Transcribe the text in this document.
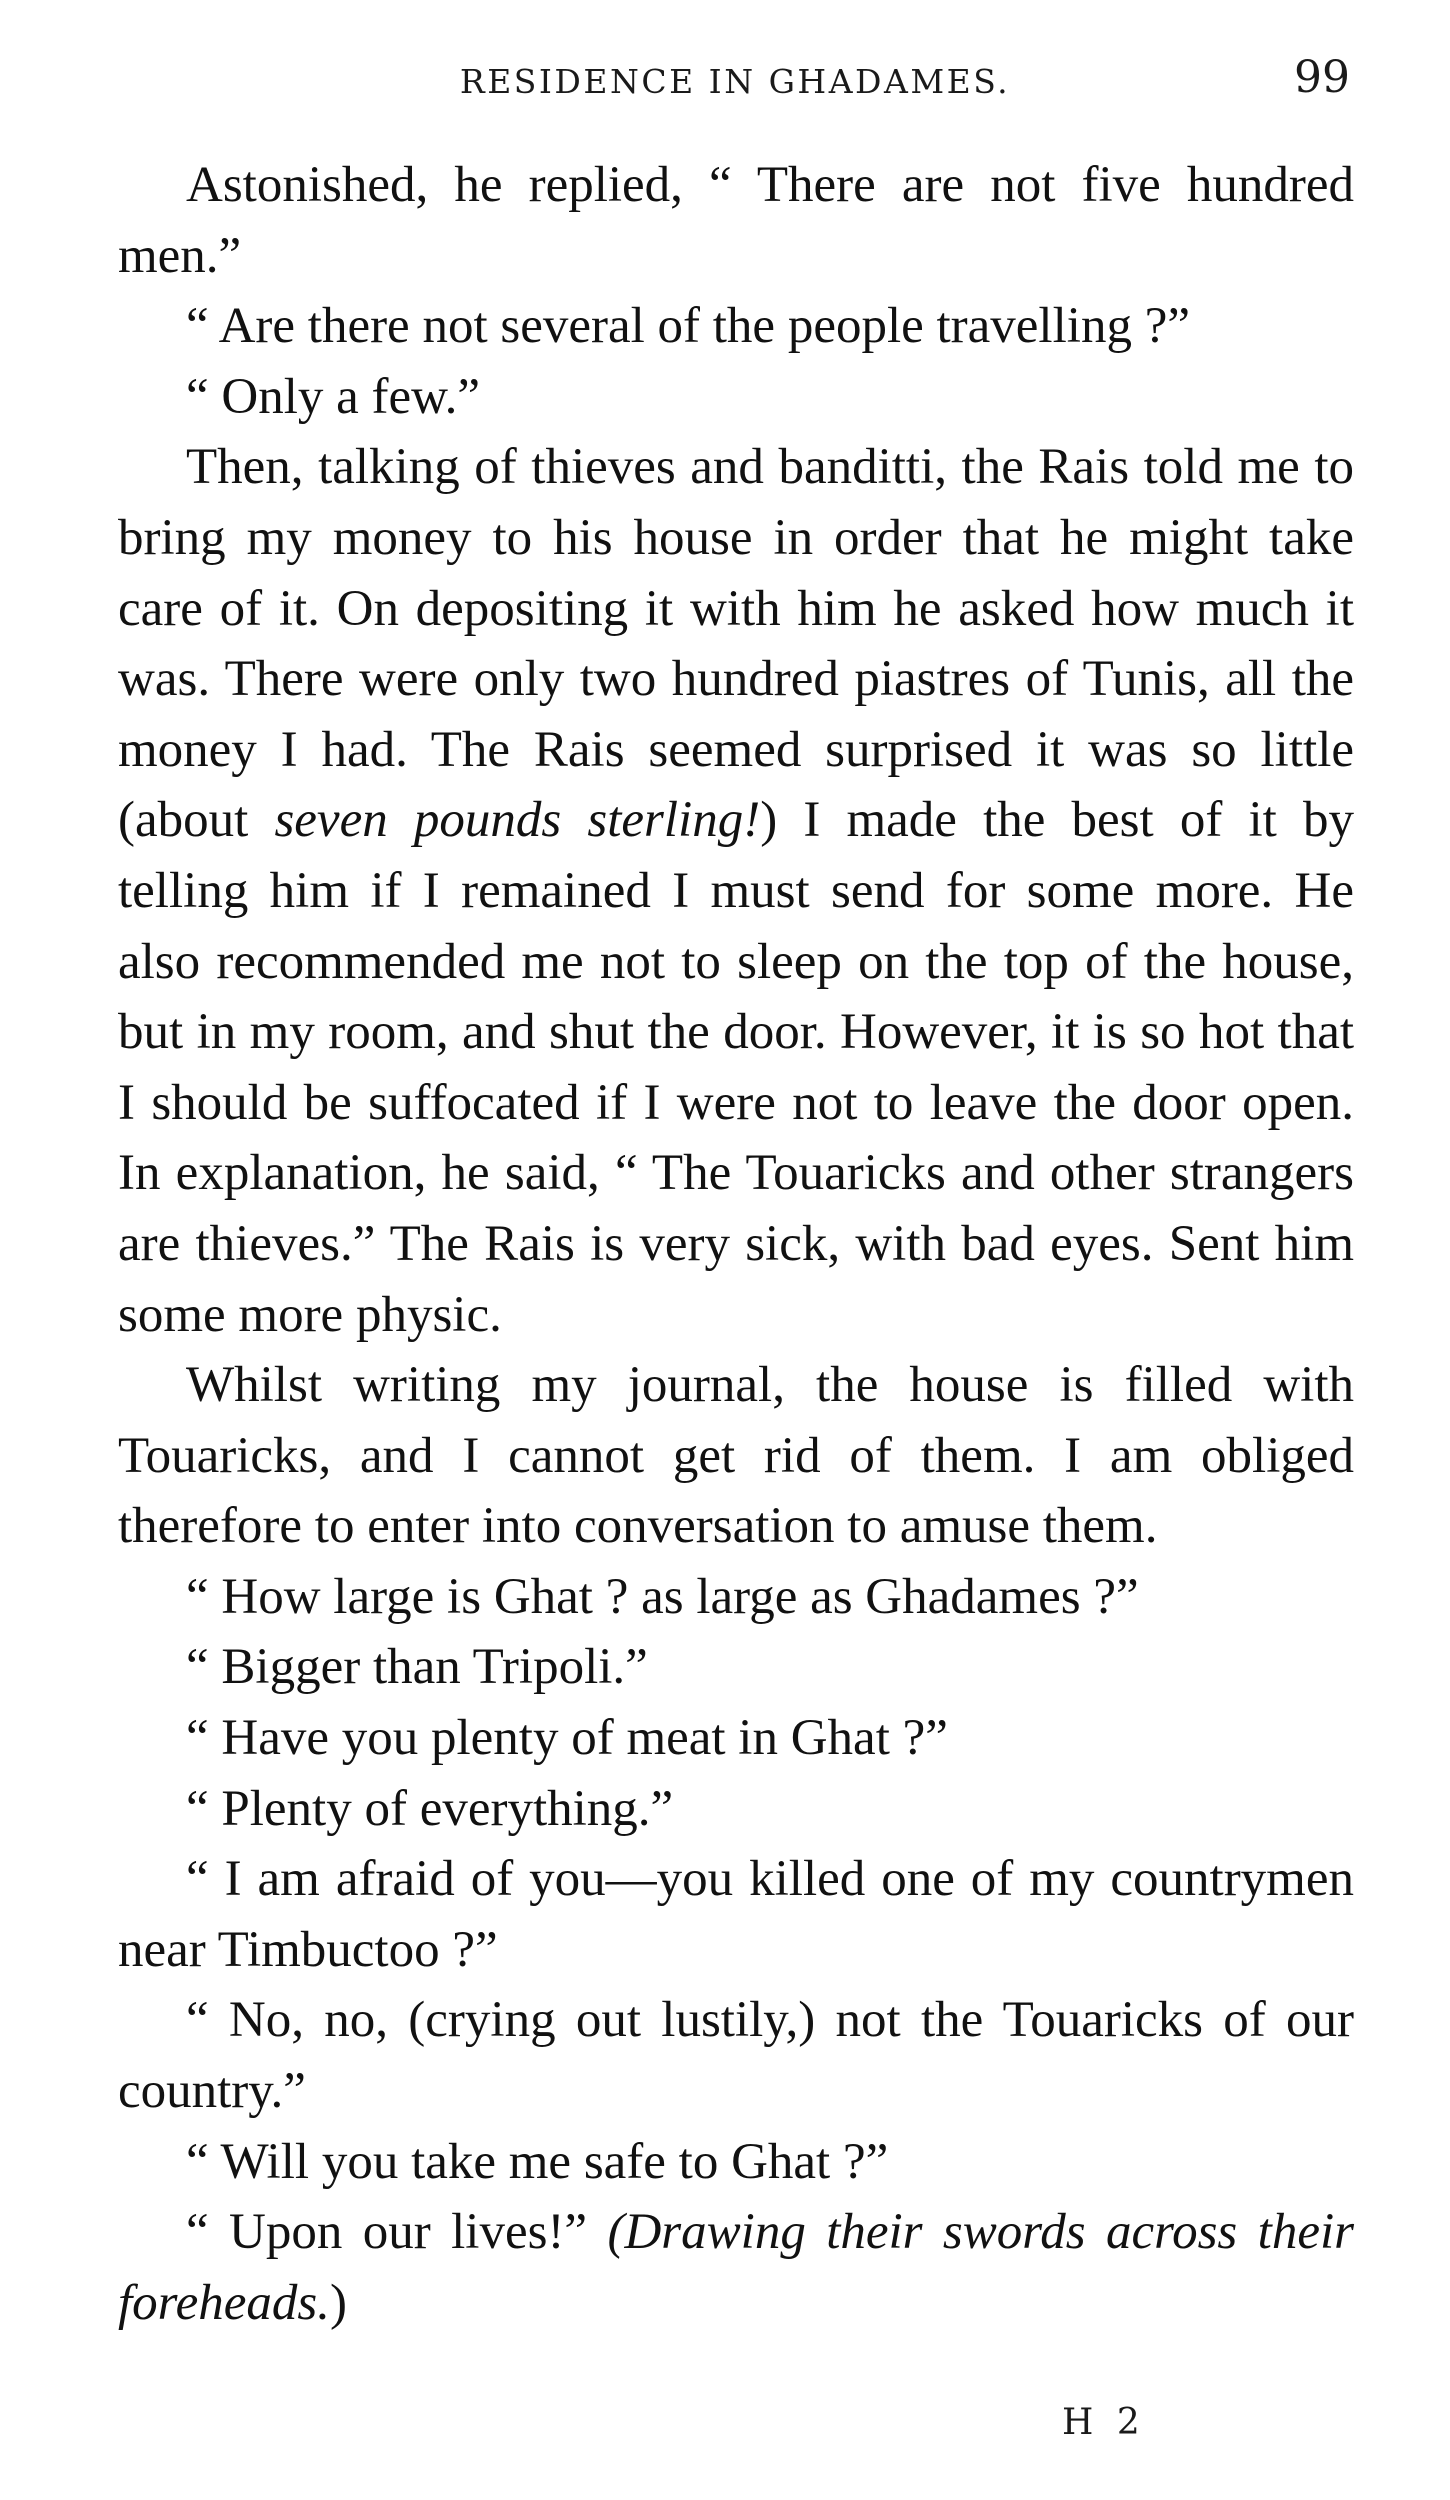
RESIDENCE IN GHADAMES.	99

Astonished, he replied, “ There are not five hundred men.”

“ Are there not several of the people travelling ?”

“ Only a few.”

Then, talking of thieves and banditti, the Rais told me to bring my money to his house in order that he might take care of it. On depositing it with him he asked how much it was. There were only two hundred piastres of Tunis, all the money I had. The Rais seemed surprised it was so little (about seven pounds sterling!) I made the best of it by telling him if I remained I must send for some more. He also recommended me not to sleep on the top of the house, but in my room, and shut the door. However, it is so hot that I should be suffocated if I were not to leave the door open. In explanation, he said, “ The Touaricks and other strangers are thieves.” The Rais is very sick, with bad eyes. Sent him some more physic.

Whilst writing my journal, the house is filled with Touaricks, and I cannot get rid of them. I am obliged therefore to enter into conversation to amuse them.

“ How large is Ghat ? as large as Ghadames ?”

“ Bigger than Tripoli.”

“ Have you plenty of meat in Ghat ?”

“ Plenty of everything.”

“ I am afraid of you—you killed one of my countrymen near Timbuctoo ?”

“ No, no, (crying out lustily,) not the Touaricks of our country.”

“ Will you take me safe to Ghat ?”

“ Upon our lives!” (Drawing their swords across their foreheads.)

H 2
